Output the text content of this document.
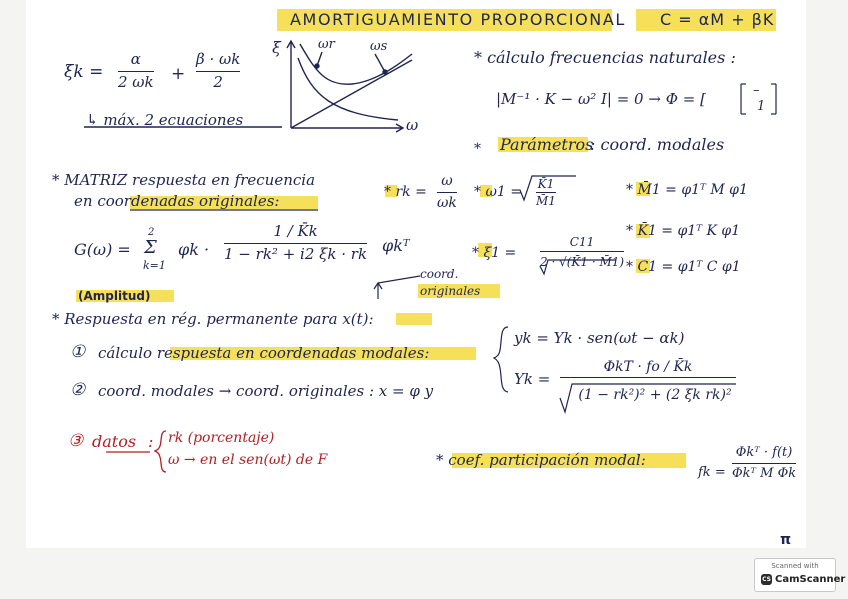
AMORTIGUAMIENTO PROPORCIONAL C = αM + βK
ξk =
α
2 ωk +
β · ωk
2
↳ máx. 2 ecuaciones
ξ
ω
ωr	ωs
* cálculo frecuencias naturales :
|M⁻¹ · K − ω² I| = 0 → Φ = [	–
1
* Parámetros
: coord. modales
* MATRIZ respuesta en frecuencia
en coordenadas originales:
G(ω) =
2
Σ
k=1
φk ·
1 / K̄k
1 − rk² + i2 ξk · rk φkᵀ
(Amplitud)
* rk =
ω
ωk
* ω1 = K̄1
M̄1
* ξ1 =
C11
2 · √(K̄1 · M̄1)
coord.
originales
* M̄1 = φ1ᵀ M φ1
* K̄1 = φ1ᵀ K φ1
* C1 = φ1ᵀ C φ1
* Respuesta en rég. permanente para x(t):
① cálculo respuesta en coordenadas modales:
② coord. modales → coord. originales : x = φ y
yk = Yk · sen(ωt − αk)
Yk =
ΦkT · fo / K̄k
(1 − rk²)² + (2 ξk rk)²
③ datos : rk (porcentaje)
ω → en el sen(ωt) de F	* coef. participación modal:
fk =
Φkᵀ · f(t)
Φkᵀ M Φk
π
Scanned with
CS CamScanner
